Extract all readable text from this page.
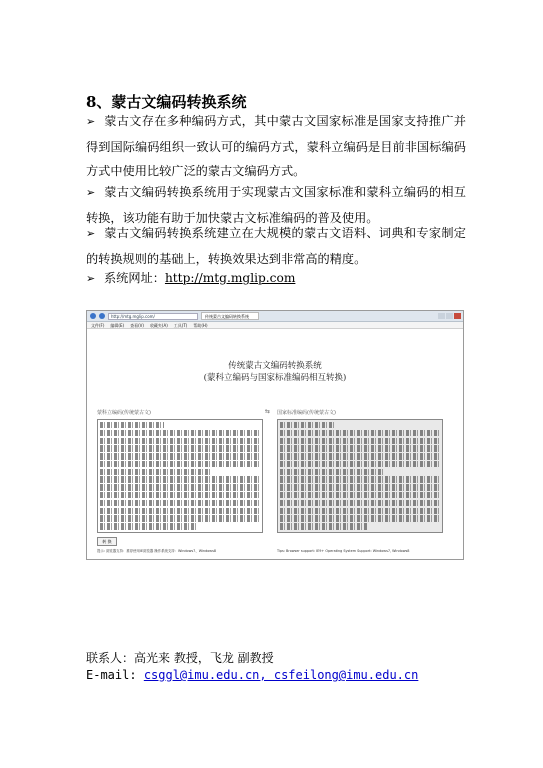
8、蒙古文编码转换系统
➢ 蒙古文存在多种编码方式，其中蒙古文国家标准是国家支持推广并得到国际编码组织一致认可的编码方式，蒙科立编码是目前非国标编码方式中使用比较广泛的蒙古文编码方式。
➢ 蒙古文编码转换系统用于实现蒙古文国家标准和蒙科立编码的相互转换，该功能有助于加快蒙古文标准编码的普及使用。
➢ 蒙古文编码转换系统建立在大规模的蒙古文语料、词典和专家制定的转换规则的基础上，转换效果达到非常高的精度。
➢ 系统网址：http://mtg.mglip.com
http://mtg.mglip.com/	传统蒙古文编码转换系统
文件(F) 编辑(E) 查看(V) 收藏夹(A) 工具(T) 帮助(H)
传统蒙古文编码转换系统
(蒙科立编码与国家标准编码相互转换)
蒙科立编码(传统蒙古文)	⇆ 国家标准编码(传统蒙古文)
转 换
提示: 浏览器支持：推荐使用IE浏览器 操作系统支持：Windows7、Windows8	Tips: Browser support: IE9+ Operating System Support: Windows7, Windows8
联系人：高光来 教授，飞龙 副教授
E-mail: csggl@imu.edu.cn, csfeilong@imu.edu.cn
